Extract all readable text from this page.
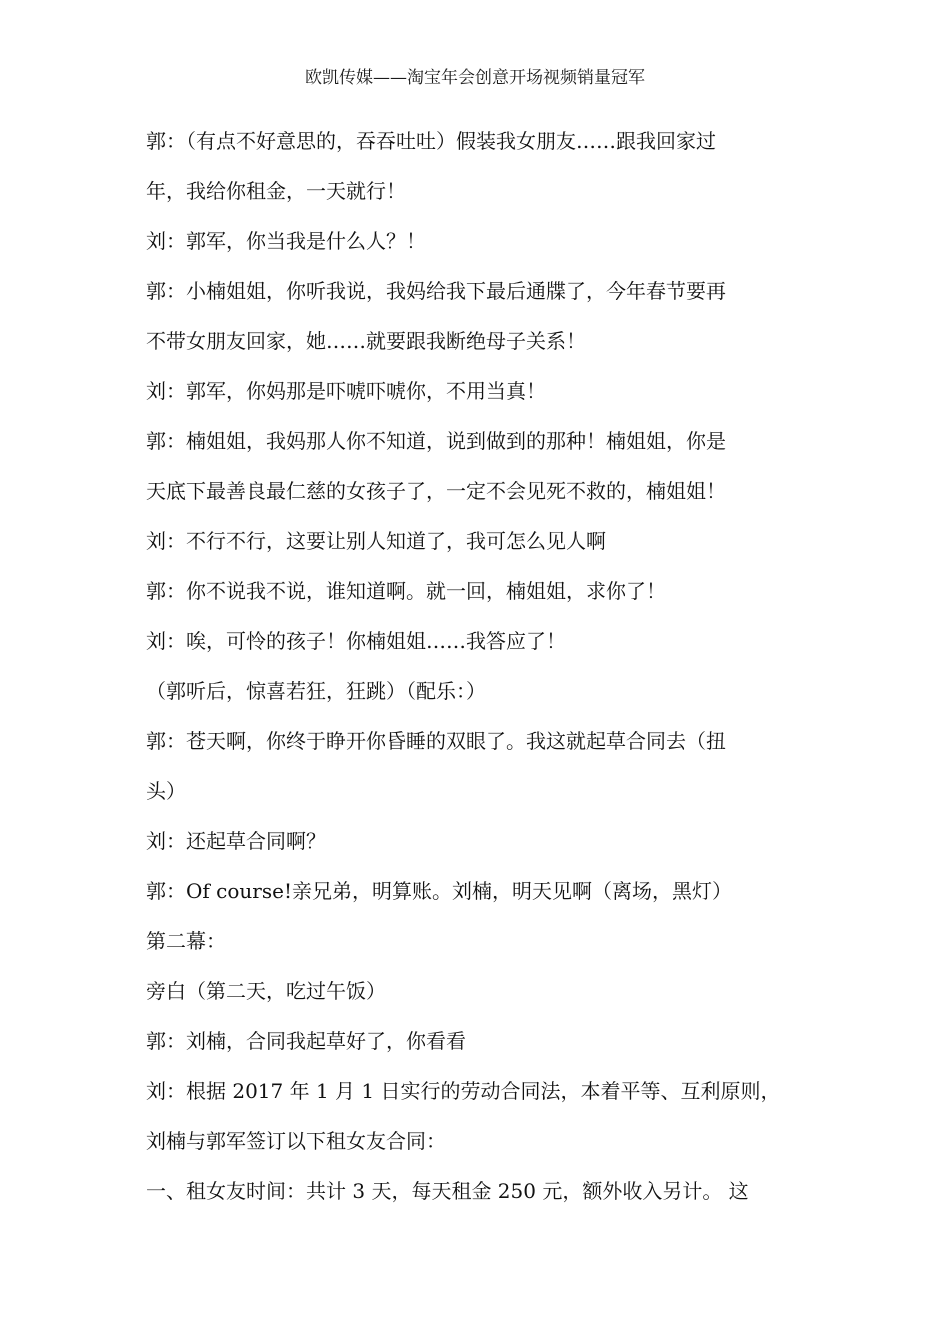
欧凯传媒——淘宝年会创意开场视频销量冠军
郭：（有点不好意思的，吞吞吐吐）假装我女朋友……跟我回家过
年，我给你租金，一天就行！
刘：郭军，你当我是什么人？！
郭：小楠姐姐，你听我说，我妈给我下最后通牒了，今年春节要再
不带女朋友回家，她……就要跟我断绝母子关系！
刘：郭军，你妈那是吓唬吓唬你，不用当真！
郭：楠姐姐，我妈那人你不知道，说到做到的那种！楠姐姐，你是
天底下最善良最仁慈的女孩子了，一定不会见死不救的，楠姐姐！
刘：不行不行，这要让别人知道了，我可怎么见人啊
郭：你不说我不说，谁知道啊。就一回，楠姐姐，求你了！
刘：唉，可怜的孩子！你楠姐姐……我答应了！
（郭听后，惊喜若狂，狂跳）（配乐：）
郭：苍天啊，你终于睁开你昏睡的双眼了。我这就起草合同去（扭
头）
刘：还起草合同啊？
郭：Of course!亲兄弟，明算账。刘楠，明天见啊（离场，黑灯）
第二幕：
旁白（第二天，吃过午饭）
郭：刘楠，合同我起草好了，你看看
刘：根据 2017 年 1 月 1 日实行的劳动合同法，本着平等、互利原则，
刘楠与郭军签订以下租女友合同：
一、租女友时间：共计 3 天，每天租金 250 元，额外收入另计。 这
